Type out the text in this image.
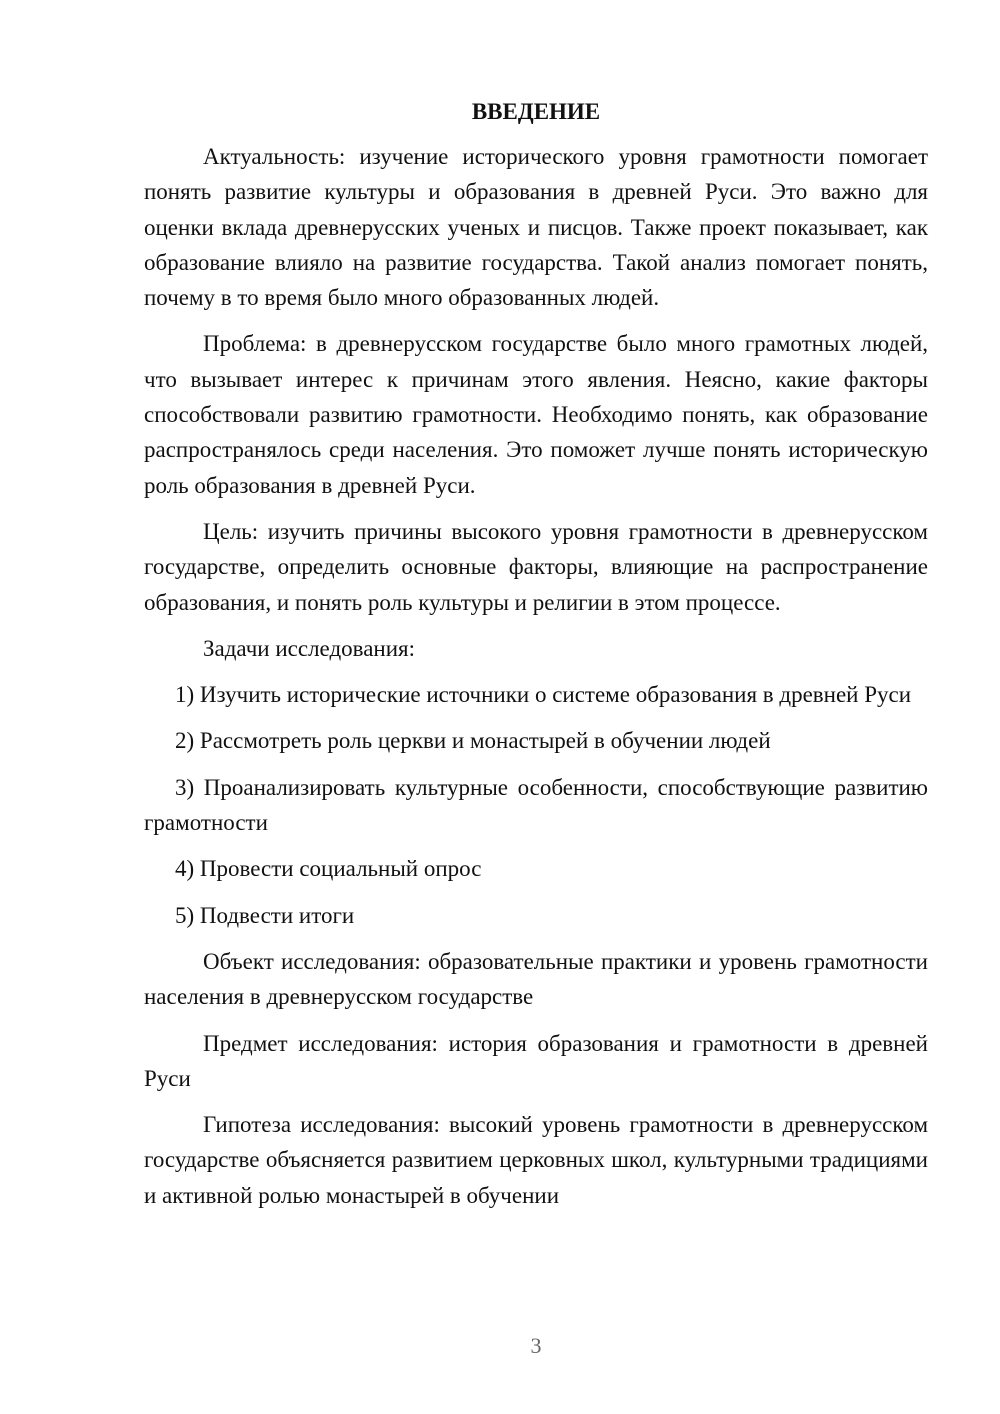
ВВЕДЕНИЕ

Актуальность: изучение исторического уровня грамотности помогает понять развитие культуры и образования в древней Руси. Это важно для оценки вклада древнерусских ученых и писцов. Также проект показывает, как образование влияло на развитие государства. Такой анализ помогает понять, почему в то время было много образованных людей.

Проблема: в древнерусском государстве было много грамотных людей, что вызывает интерес к причинам этого явления. Неясно, какие факторы способствовали развитию грамотности. Необходимо понять, как образование распространялось среди населения. Это поможет лучше понять историческую роль образования в древней Руси.

Цель: изучить причины высокого уровня грамотности в древнерусском государстве, определить основные факторы, влияющие на распространение образования, и понять роль культуры и религии в этом процессе.

Задачи исследования:

1) Изучить исторические источники о системе образования в древней Руси

2) Рассмотреть роль церкви и монастырей в обучении людей

3) Проанализировать культурные особенности, способствующие развитию грамотности

4) Провести социальный опрос

5) Подвести итоги

Объект исследования: образовательные практики и уровень грамотности населения в древнерусском государстве

Предмет исследования: история образования и грамотности в древней Руси

Гипотеза исследования: высокий уровень грамотности в древнерусском государстве объясняется развитием церковных школ, культурными традициями и активной ролью монастырей в обучении

3
